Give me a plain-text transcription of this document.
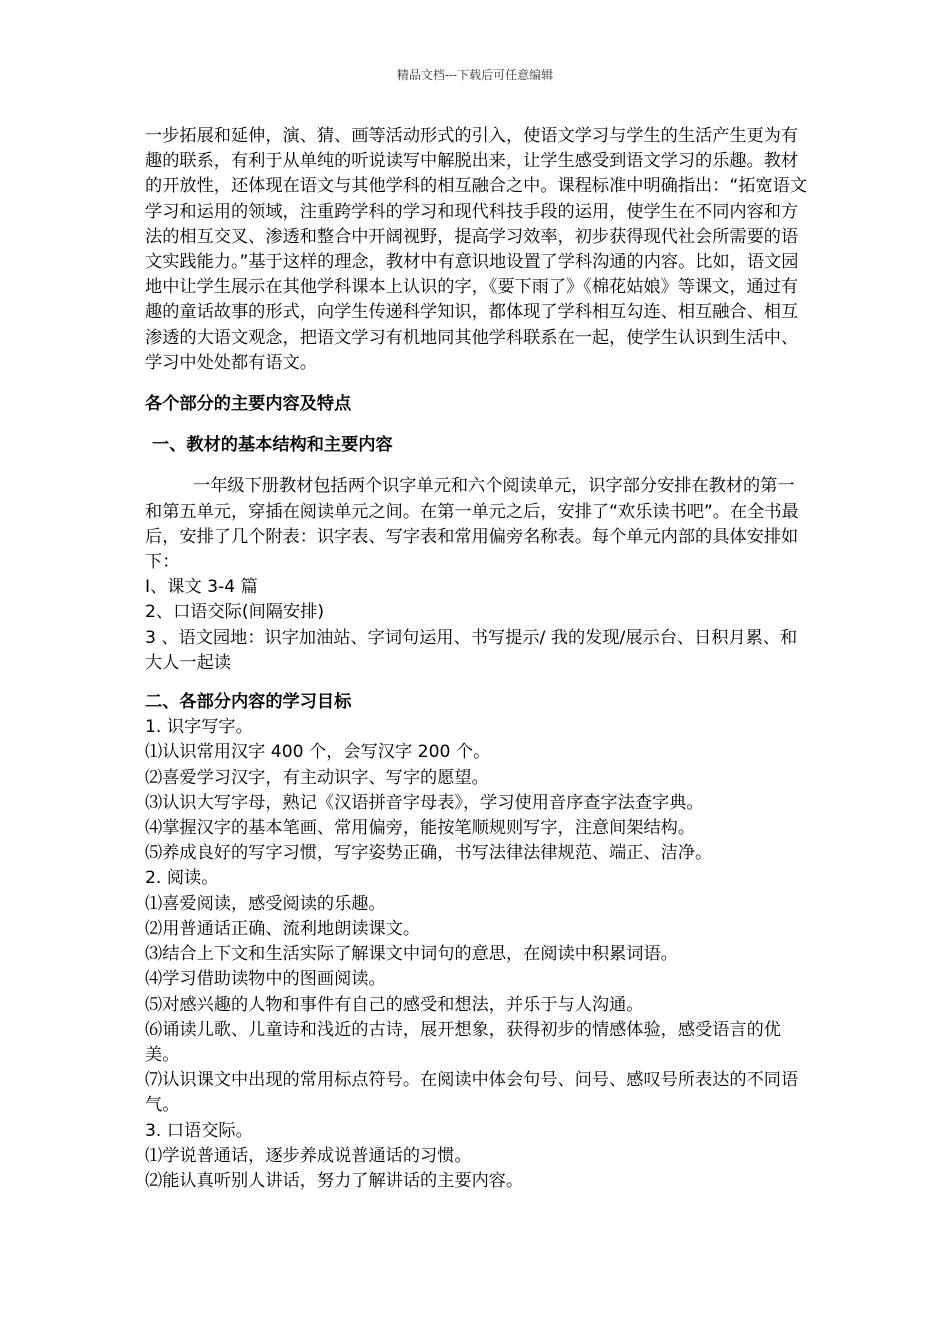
精品文档---下载后可任意编辑

一步拓展和延伸，演、猜、画等活动形式的引入，使语文学习与学生的生活产生更为有趣的联系，有利于从单纯的听说读写中解脱出来，让学生感受到语文学习的乐趣。教材的开放性，还体现在语文与其他学科的相互融合之中。课程标准中明确指出：“拓宽语文学习和运用的领域，注重跨学科的学习和现代科技手段的运用，使学生在不同内容和方法的相互交叉、渗透和整合中开阔视野，提高学习效率，初步获得现代社会所需要的语文实践能力。”基于这样的理念，教材中有意识地设置了学科沟通的内容。比如，语文园地中让学生展示在其他学科课本上认识的字，《要下雨了》《棉花姑娘》等课文，通过有趣的童话故事的形式，向学生传递科学知识，都体现了学科相互勾连、相互融合、相互渗透的大语文观念，把语文学习有机地同其他学科联系在一起，使学生认识到生活中、学习中处处都有语文。

各个部分的主要内容及特点

一、教材的基本结构和主要内容

一年级下册教材包括两个识字单元和六个阅读单元，识字部分安排在教材的第一和第五单元，穿插在阅读单元之间。在第一单元之后，安排了“欢乐读书吧”。在全书最后，安排了几个附表：识字表、写字表和常用偏旁名称表。每个单元内部的具体安排如下：

I、课文 3-4 篇

2、口语交际(间隔安排)

3 、语文园地：识字加油站、字词句运用、书写提示/ 我的发现/展示台、日积月累、和大人一起读

二、各部分内容的学习目标

1. 识字写字。

⑴认识常用汉字 400 个，会写汉字 200 个。

⑵喜爱学习汉字，有主动识字、写字的愿望。

⑶认识大写字母，熟记《汉语拼音字母表》，学习使用音序查字法查字典。

⑷掌握汉字的基本笔画、常用偏旁，能按笔顺规则写字，注意间架结构。

⑸养成良好的写字习惯，写字姿势正确，书写法律法律规范、端正、洁净。

2. 阅读。

⑴喜爱阅读，感受阅读的乐趣。

⑵用普通话正确、流利地朗读课文。

⑶结合上下文和生活实际了解课文中词句的意思，在阅读中积累词语。

⑷学习借助读物中的图画阅读。

⑸对感兴趣的人物和事件有自己的感受和想法，并乐于与人沟通。

⑹诵读儿歌、儿童诗和浅近的古诗，展开想象，获得初步的情感体验，感受语言的优美。

⑺认识课文中出现的常用标点符号。在阅读中体会句号、问号、感叹号所表达的不同语气。

3. 口语交际。

⑴学说普通话，逐步养成说普通话的习惯。

⑵能认真听别人讲话，努力了解讲话的主要内容。
